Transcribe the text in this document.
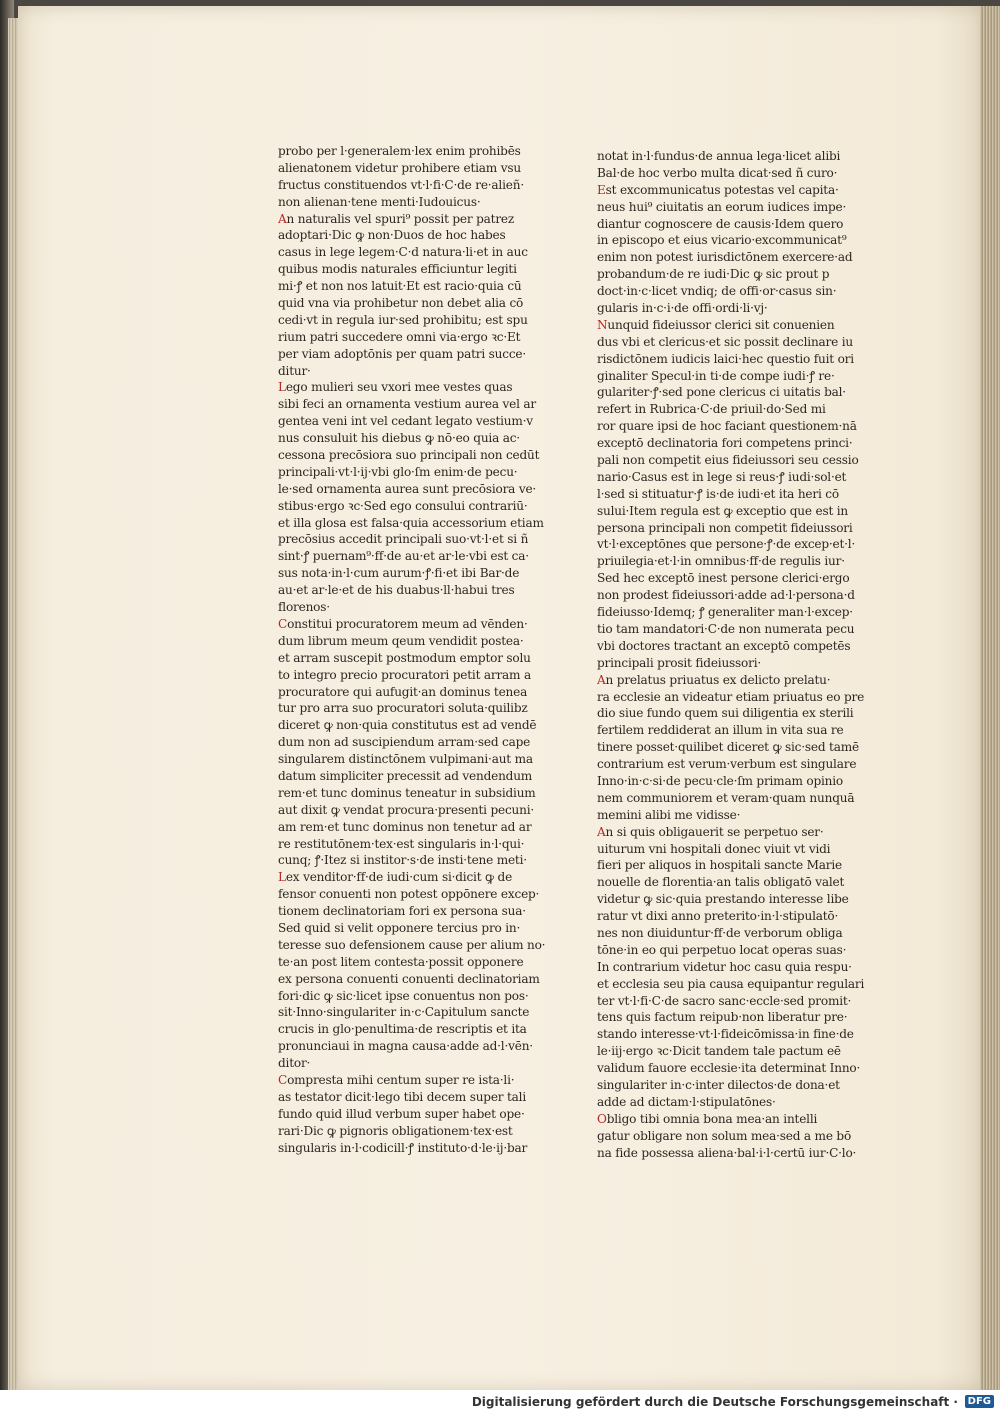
probo per l·generalem·lex enim prohibēs
alienatonem videtur prohibere etiam vsu
fructus constituendos vt·l·fi·C·de re·alieñ·
non alienan·tene menti·Iudouicus·
An naturalis vel spuri⁹ possit per patrez
adoptari·Dic ꝙ non·Duos de hoc habes
casus in lege legem·C·d natura·li·et in auc
quibus modis naturales efficiuntur legiti
mi·ꝭ et non nos latuit·Et est racio·quia cū
quid vna via prohibetur non debet alia cō
cedi·vt in regula iur·sed prohibitu; est spu
rium patri succedere omni via·ergo ꝛc·Et
per viam adoptōnis per quam patri succe·
ditur·
Lego mulieri seu vxori mee vestes quas
sibi feci an ornamenta vestium aurea vel ar
gentea veni int vel cedant legato vestium·v
nus consuluit his diebus ꝙ nō·eo quia ac·
cessona precōsiora suo principali non cedūt
principali·vt·l·ij·vbi glo·ſm enim·de pecu·
le·sed ornamenta aurea sunt precōsiora ve·
stibus·ergo ꝛc·Sed ego consului contrariū·
et illa glosa est falsa·quia accessorium etiam
precōsius accedit principali suo·vt·l·et si ñ
sint·ꝭ puernam⁹·ff·de au·et ar·le·vbi est ca·
sus nota·in·l·cum aurum·ꝭ·fi·et ibi Bar·de
au·et ar·le·et de his duabus·ll·habui tres
florenos·
Constitui procuratorem meum ad vēnden·
dum librum meum qeum vendidit postea·
et arram suscepit postmodum emptor solu
to integro precio procuratori petit arram a
procuratore qui aufugit·an dominus tenea
tur pro arra suo procuratori soluta·quilibz
diceret ꝙ non·quia constitutus est ad vendē
dum non ad suscipiendum arram·sed cape
singularem distinctōnem vulpimani·aut ma
datum simpliciter precessit ad vendendum
rem·et tunc dominus teneatur in subsidium
aut dixit ꝙ vendat procura·presenti pecuni·
am rem·et tunc dominus non tenetur ad ar
re restitutōnem·tex·est singularis in·l·qui·
cunq; ꝭ·Itez si institor·s·de insti·tene meti·
Lex venditor·ff·de iudi·cum si·dicit ꝙ de
fensor conuenti non potest oppōnere excep·
tionem declinatoriam fori ex persona sua·
Sed quid si velit opponere tercius pro in·
teresse suo defensionem cause per alium no·
te·an post litem contesta·possit opponere
ex persona conuenti conuenti declinatoriam
fori·dic ꝙ sic·licet ipse conuentus non pos·
sit·Inno·singulariter in·c·Capitulum sancte
crucis in glo·penultima·de rescriptis et ita
pronunciaui in magna causa·adde ad·l·vēn·
ditor·
Compresta mihi centum super re ista·li·
as testator dicit·lego tibi decem super tali
fundo quid illud verbum super habet ope·
rari·Dic ꝙ pignoris obligationem·tex·est
singularis in·l·codicill·ꝭ instituto·d·le·ij·bar
notat in·l·fundus·de annua lega·licet alibi
Bal·de hoc verbo multa dicat·sed ñ curo·
Est excommunicatus potestas vel capita·
neus hui⁹ ciuitatis an eorum iudices impe·
diantur cognoscere de causis·Idem quero
in episcopo et eius vicario·excommunicat⁹
enim non potest iurisdictōnem exercere·ad
probandum·de re iudi·Dic ꝙ sic prout p
doct·in·c·licet vndiq; de offi·or·casus sin·
gularis in·c·i·de offi·ordi·li·vj·
Nunquid fideiussor clerici sit conuenien
dus vbi et clericus·et sic possit declinare iu
risdictōnem iudicis laici·hec questio fuit ori
ginaliter Specul·in ti·de compe iudi·ꝭ re·
gulariter·ꝭ·sed pone clericus ci uitatis bal·
refert in Rubrica·C·de priuil·do·Sed mi
ror quare ipsi de hoc faciant questionem·nā
exceptō declinatoria fori competens princi·
pali non competit eius fideiussori seu cessio
nario·Casus est in lege si reus·ꝭ iudi·sol·et
l·sed si stituatur·ꝭ is·de iudi·et ita heri cō
sului·Item regula est ꝙ exceptio que est in
persona principali non competit fideiussori
vt·l·exceptōnes que persone·ꝭ·de excep·et·l·
priuilegia·et·l·in omnibus·ff·de regulis iur·
Sed hec exceptō inest persone clerici·ergo
non prodest fideiussori·adde ad·l·persona·d
fideiusso·Idemq; ꝭ generaliter man·l·excep·
tio tam mandatori·C·de non numerata pecu
vbi doctores tractant an exceptō competēs
principali prosit fideiussori·
An prelatus priuatus ex delicto prelatu·
ra ecclesie an videatur etiam priuatus eo pre
dio siue fundo quem sui diligentia ex sterili
fertilem reddiderat an illum in vita sua re
tinere posset·quilibet diceret ꝙ sic·sed tamē
contrarium est verum·verbum est singulare
Inno·in·c·si·de pecu·cle·ſm primam opinio
nem communiorem et veram·quam nunquā
memini alibi me vidisse·
An si quis obligauerit se perpetuo ser·
uiturum vni hospitali donec viuit vt vidi
fieri per aliquos in hospitali sancte Marie
nouelle de florentia·an talis obligatō valet
videtur ꝙ sic·quia prestando interesse libe
ratur vt dixi anno preterito·in·l·stipulatō·
nes non diuiduntur·ff·de verborum obliga
tōne·in eo qui perpetuo locat operas suas·
In contrarium videtur hoc casu quia respu·
et ecclesia seu pia causa equipantur regulari
ter vt·l·fi·C·de sacro sanc·eccle·sed promit·
tens quis factum reipub·non liberatur pre·
stando interesse·vt·l·fideicōmissa·in fine·de
le·iij·ergo ꝛc·Dicit tandem tale pactum eē
validum fauore ecclesie·ita determinat Inno·
singulariter in·c·inter dilectos·de dona·et
adde ad dictam·l·stipulatōnes·
Obligo tibi omnia bona mea·an intelli
gatur obligare non solum mea·sed a me bō
na fide possessa aliena·bal·i·l·certū iur·C·lo·
Digitalisierung gefördert durch die Deutsche Forschungsgemeinschaft · DFG
